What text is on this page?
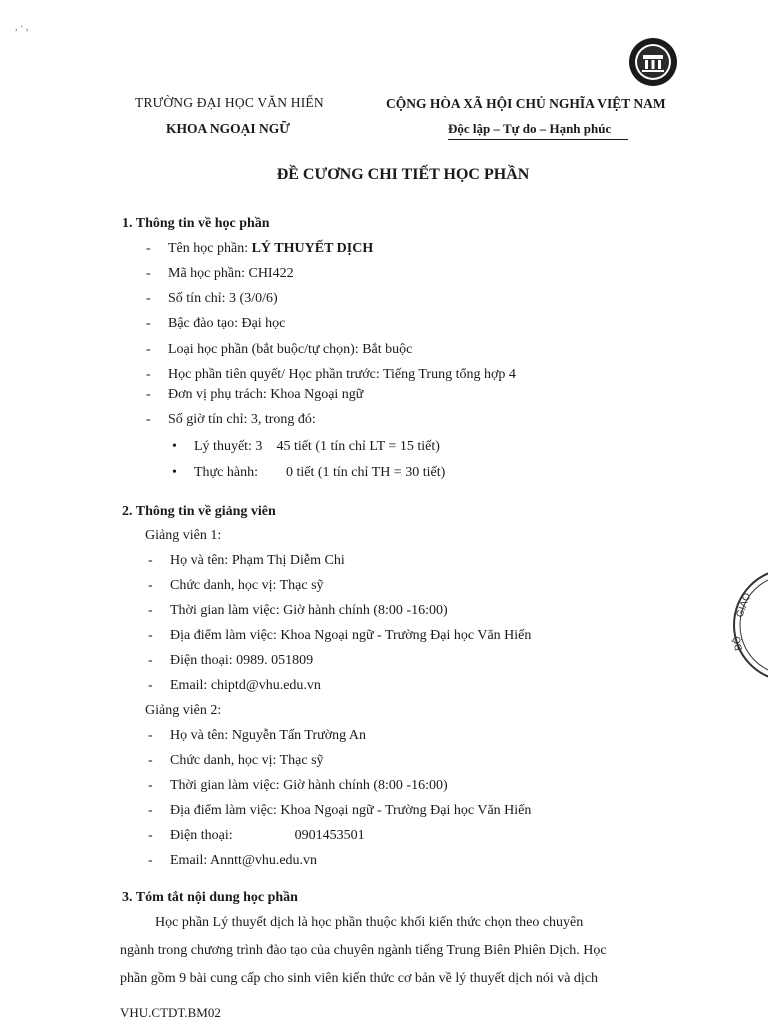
, · ,
TRƯỜNG ĐẠI HỌC VĂN HIẾN
KHOA NGOẠI NGỮ
CỘNG HÒA XÃ HỘI CHỦ NGHĨA VIỆT NAM
Độc lập – Tự do – Hạnh phúc
ĐỀ CƯƠNG CHI TIẾT HỌC PHẦN
1. Thông tin về học phần
- Tên học phần: LÝ THUYẾT DỊCH
- Mã học phần: CHI422
- Số tín chỉ: 3 (3/0/6)
- Bậc đào tạo: Đại học
- Loại học phần (bắt buộc/tự chọn): Bắt buộc
- Học phần tiên quyết/ Học phần trước: Tiếng Trung tổng hợp 4
- Đơn vị phụ trách: Khoa Ngoại ngữ
- Số giờ tín chỉ: 3, trong đó:
• Lý thuyết: 3 45 tiết (1 tín chỉ LT = 15 tiết)
• Thực hành: 0 tiết (1 tín chỉ TH = 30 tiết)
2. Thông tin về giảng viên
Giảng viên 1:
- Họ và tên: Phạm Thị Diễm Chi
- Chức danh, học vị: Thạc sỹ
- Thời gian làm việc: Giờ hành chính (8:00 -16:00)
- Địa điểm làm việc: Khoa Ngoại ngữ - Trường Đại học Văn Hiến
- Điện thoại: 0989. 051809
- Email: chiptd@vhu.edu.vn
Giảng viên 2:
- Họ và tên: Nguyễn Tấn Trường An
- Chức danh, học vị: Thạc sỹ
- Thời gian làm việc: Giờ hành chính (8:00 -16:00)
- Địa điểm làm việc: Khoa Ngoại ngữ - Trường Đại học Văn Hiến
- Điện thoại:	0901453501
- Email: Anntt@vhu.edu.vn
3. Tóm tắt nội dung học phần
Học phần Lý thuyết dịch là học phần thuộc khối kiến thức chọn theo chuyên
ngành trong chương trình đào tạo của chuyên ngành tiếng Trung Biên Phiên Dịch. Học
phần gồm 9 bài cung cấp cho sinh viên kiến thức cơ bản về lý thuyết dịch nói và dịch
VHU.CTDT.BM02
GIÁO
BỘ
